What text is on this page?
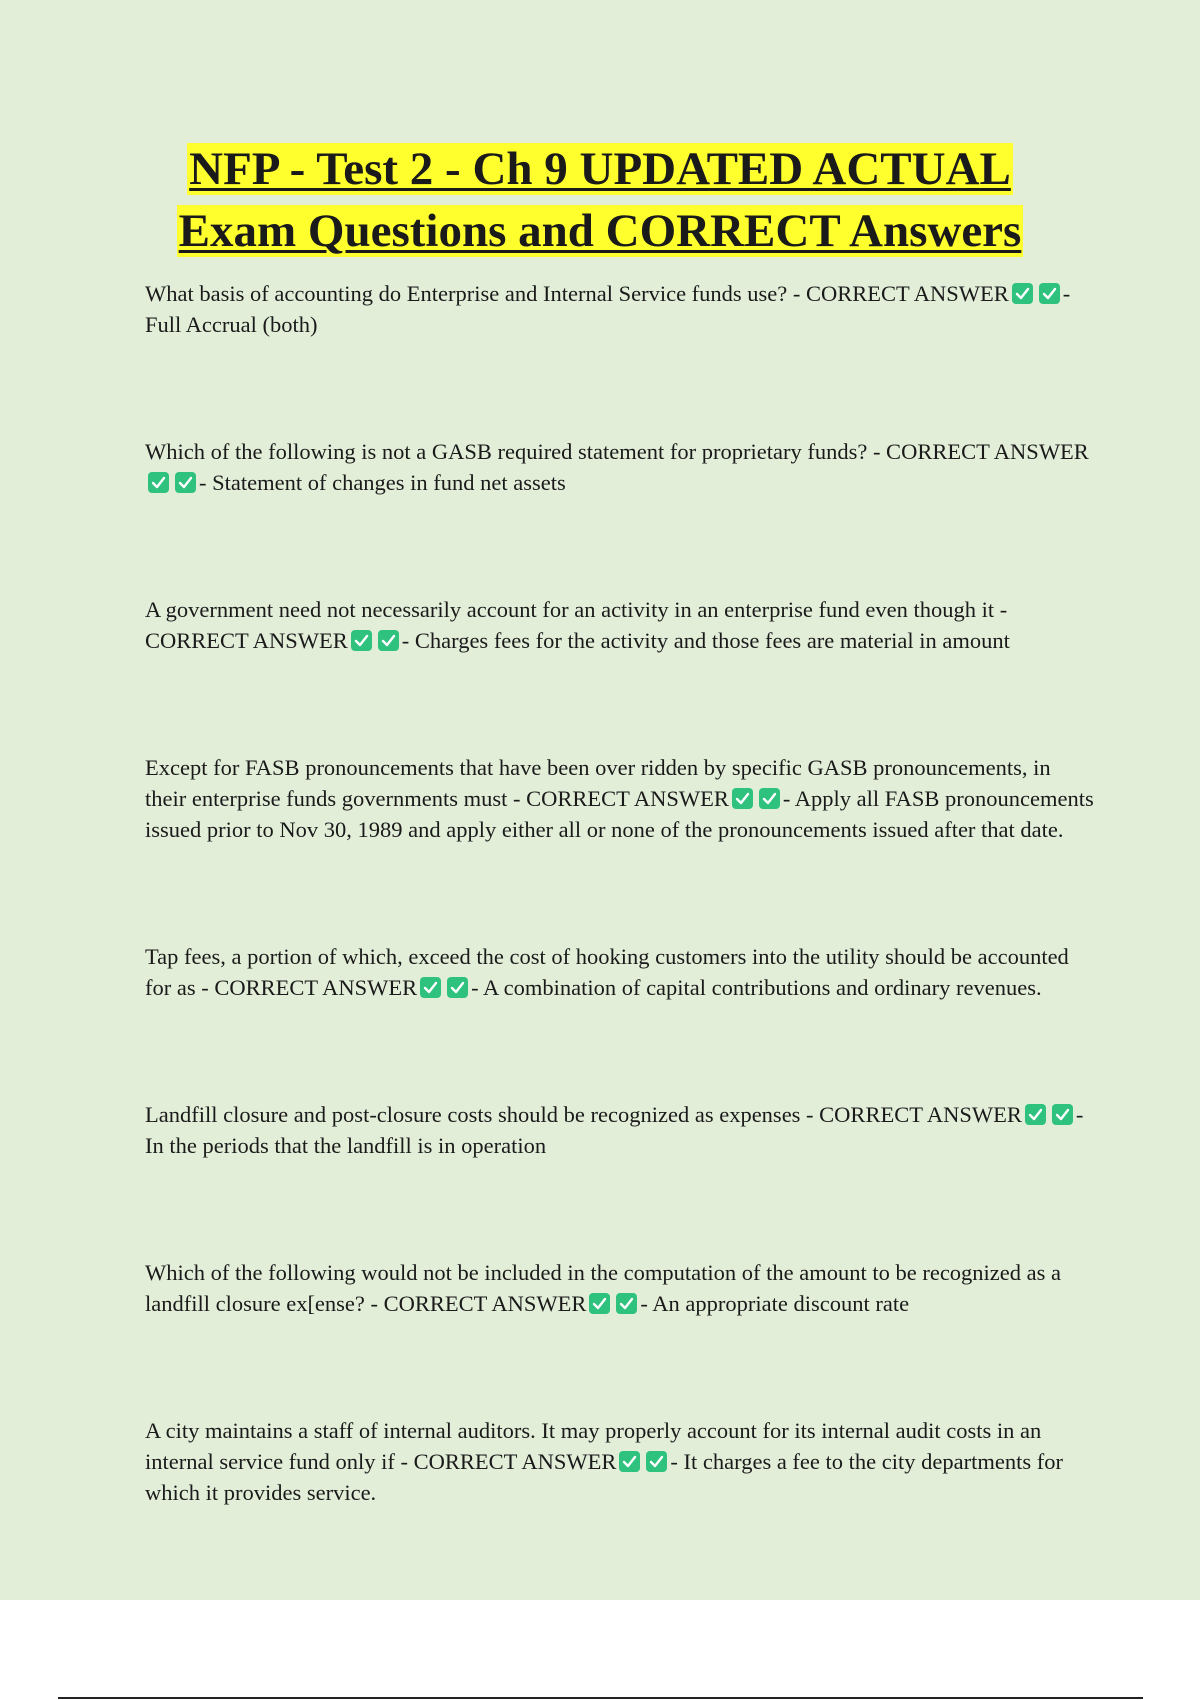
NFP - Test 2 - Ch 9 UPDATED ACTUAL
Exam Questions and CORRECT Answers

What basis of accounting do Enterprise and Internal Service funds use? - CORRECT ANSWER - Full Accrual (both)

Which of the following is not a GASB required statement for proprietary funds? - CORRECT ANSWER
- Statement of changes in fund net assets

A government need not necessarily account for an activity in an enterprise fund even though it - CORRECT ANSWER - Charges fees for the activity and those fees are material in amount

Except for FASB pronouncements that have been over ridden by specific GASB pronouncements, in their enterprise funds governments must - CORRECT ANSWER - Apply all FASB pronouncements issued prior to Nov 30, 1989 and apply either all or none of the pronouncements issued after that date.

Tap fees, a portion of which, exceed the cost of hooking customers into the utility should be accounted for as - CORRECT ANSWER - A combination of capital contributions and ordinary revenues.

Landfill closure and post-closure costs should be recognized as expenses - CORRECT ANSWER - In the periods that the landfill is in operation

Which of the following would not be included in the computation of the amount to be recognized as a landfill closure ex[ense? - CORRECT ANSWER - An appropriate discount rate

A city maintains a staff of internal auditors. It may properly account for its internal audit costs in an internal service fund only if - CORRECT ANSWER - It charges a fee to the city departments for which it provides service.
